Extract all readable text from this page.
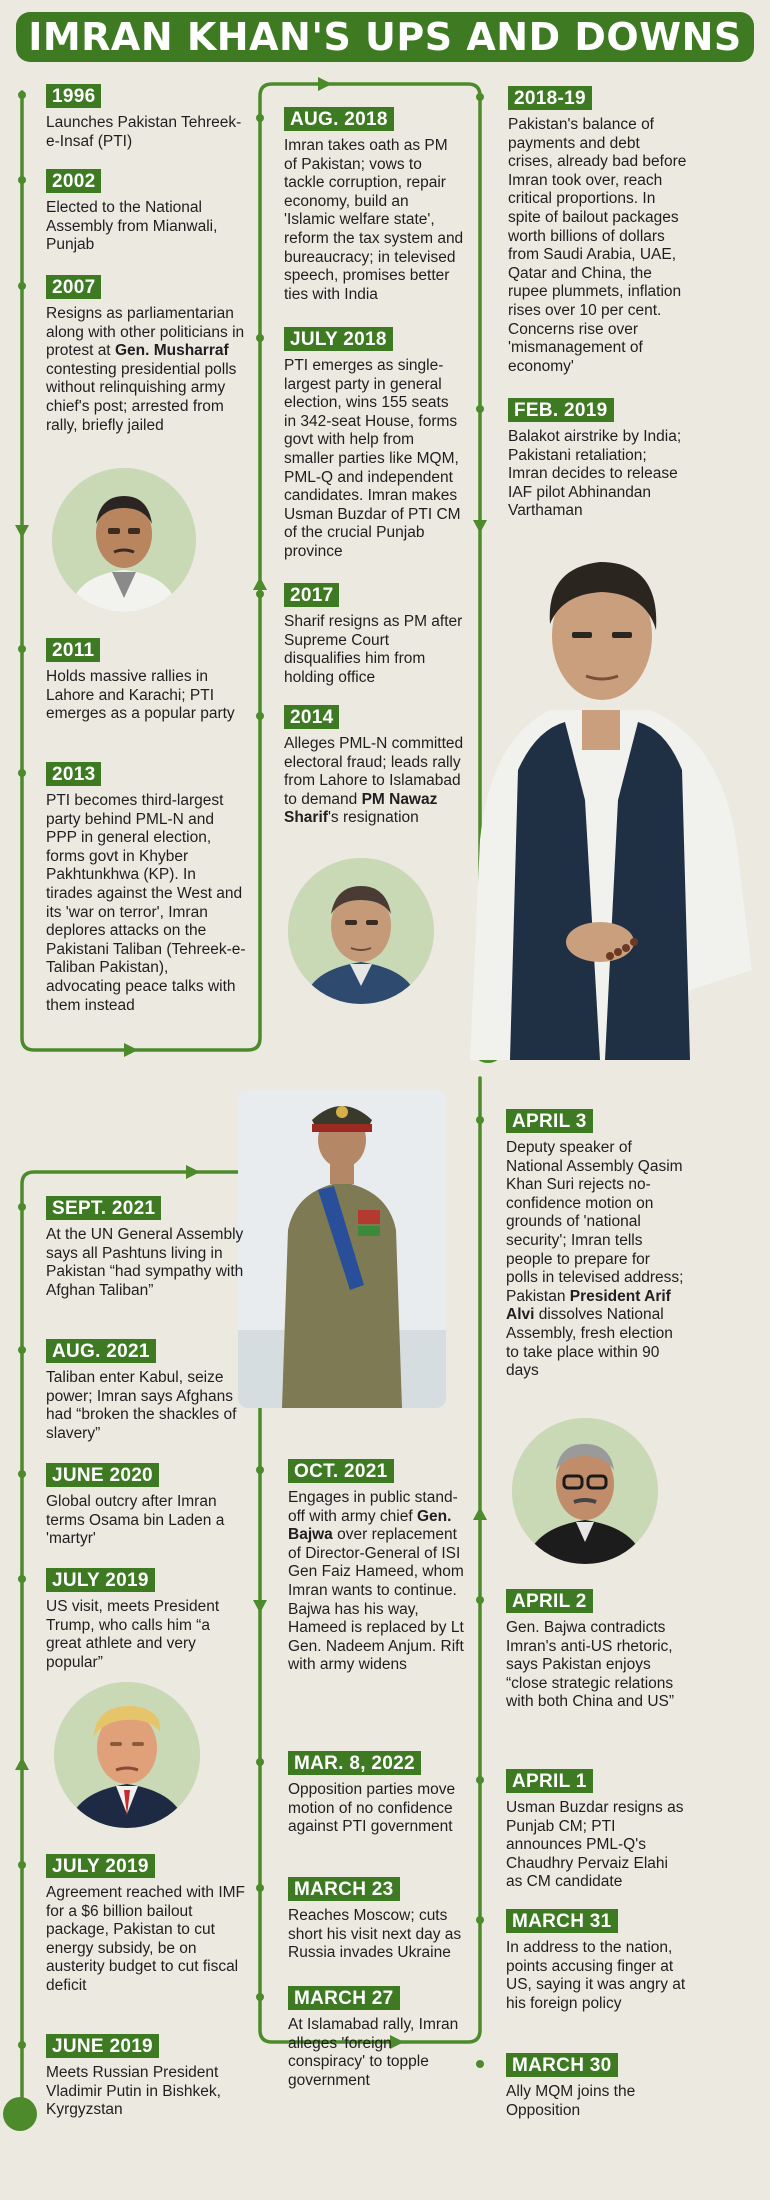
IMRAN KHAN'S UPS AND DOWNS
1996
Launches Pakistan Tehreek-e-Insaf (PTI)
2002
Elected to the National Assembly from Mianwali, Punjab
2007
Resigns as parliamentarian along with other politicians in protest at Gen. Musharraf contesting presidential polls without relinquishing army chief's post; arrested from rally, briefly jailed
2011
Holds massive rallies in Lahore and Karachi; PTI emerges as a popular party
2013
PTI becomes third-largest party behind PML-N and PPP in general election, forms govt in Khyber Pakhtunkhwa (KP). In tirades against the West and its 'war on terror', Imran deplores attacks on the Pakistani Taliban (Tehreek-e-Taliban Pakistan), advocating peace talks with them instead
AUG. 2018
Imran takes oath as PM of Pakistan; vows to tackle corruption, repair economy, build an 'Islamic welfare state', reform the tax system and bureaucracy; in televised speech, promises better ties with India
JULY 2018
PTI emerges as single-largest party in general election, wins 155 seats in 342-seat House, forms govt with help from smaller parties like MQM, PML-Q and independent candidates. Imran makes Usman Buzdar of PTI CM of the crucial Punjab province
2017
Sharif resigns as PM after Supreme Court disqualifies him from holding office
2014
Alleges PML-N committed electoral fraud; leads rally from Lahore to Islamabad to demand PM Nawaz Sharif's resignation
2018-19
Pakistan's balance of payments and debt crises, already bad before Imran took over, reach critical proportions. In spite of bailout packages worth billions of dollars from Saudi Arabia, UAE, Qatar and China, the rupee plummets, inflation rises over 10 per cent. Concerns rise over 'mismanagement of economy'
FEB. 2019
Balakot airstrike by India; Pakistani retaliation; Imran decides to release IAF pilot Abhinandan Varthaman
SEPT. 2021
At the UN General Assembly says all Pashtuns living in Pakistan “had sympathy with Afghan Taliban”
AUG. 2021
Taliban enter Kabul, seize power; Imran says Afghans had “broken the shackles of slavery”
JUNE 2020
Global outcry after Imran terms Osama bin Laden a 'martyr'
JULY 2019
US visit, meets President Trump, who calls him “a great athlete and very popular”
JULY 2019
Agreement reached with IMF for a $6 billion bailout package, Pakistan to cut energy subsidy, be on austerity budget to cut fiscal deficit
JUNE 2019
Meets Russian President Vladimir Putin in Bishkek, Kyrgyzstan
OCT. 2021
Engages in public stand-off with army chief Gen. Bajwa over replacement of Director-General of ISI Gen Faiz Hameed, whom Imran wants to continue. Bajwa has his way, Hameed is replaced by Lt Gen. Nadeem Anjum. Rift with army widens
MAR. 8, 2022
Opposition parties move motion of no confidence against PTI government
MARCH 23
Reaches Moscow; cuts short his visit next day as Russia invades Ukraine
MARCH 27
At Islamabad rally, Imran alleges 'foreign conspiracy' to topple government
APRIL 3
Deputy speaker of National Assembly Qasim Khan Suri rejects no-confidence motion on grounds of 'national security'; Imran tells people to prepare for polls in televised address; Pakistan President Arif Alvi dissolves National Assembly, fresh election to take place within 90 days
APRIL 2
Gen. Bajwa contradicts Imran's anti-US rhetoric, says Pakistan enjoys “close strategic relations with both China and US”
APRIL 1
Usman Buzdar resigns as Punjab CM; PTI announces PML-Q's Chaudhry Pervaiz Elahi as CM candidate
MARCH 31
In address to the nation, points accusing finger at US, saying it was angry at his foreign policy
MARCH 30
Ally MQM joins the Opposition
